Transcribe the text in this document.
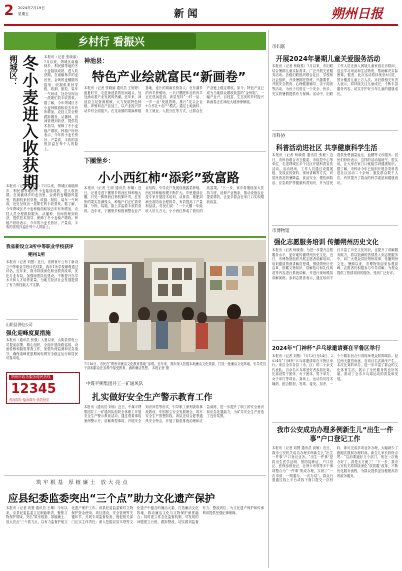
2 2024年7月19日
星期五	新 闻	朔州日报
乡村行 看振兴
朔城区： 冬小麦进入收获期 本报讯（记者 张晓丽）7月以来，朔城区南榆林乡、利民镇等地的冬小麦陆续成熟，进入收获期。在南榆林乡的麦田里，金黄的麦穗随风摇曳，收割机来回穿梭，收割、脱粒、装车一气呵成，处处呈现出一派繁忙的丰收景象。据了解，今年朔城区冬小麦种植面积较去年有所增加，农技人员全程跟踪服务，从播种、田间管理到收获，提供技术指导，保障了冬小麦稳产增收。种植户纷纷表示，今年的小麦长势好、产量高，丰收的喜悦洋溢在每个人的脸上。
本报讯（记者 张晓丽）7月以来，朔城区南榆林乡、利民镇等地的冬小麦陆续成熟，进入收获期。在南榆林乡的麦田里，金黄的麦穗随风摇曳，收割机来回穿梭，收割、脱粒、装车一气呵成，处处呈现出一派繁忙的丰收景象。据了解，今年朔城区冬小麦种植面积较去年有所增加，农技人员全程跟踪服务，从播种、田间管理到收获，提供技术指导，保障了冬小麦稳产增收。种植户纷纷表示，今年的小麦长势好、产量高，丰收的喜悦洋溢在每个人的脸上。
神池县：
特色产业绘就富民“新画卷”
本报讯（记者 张晓丽 通讯员 王婷婷）盛夏时节，走进神池县的田间地头，处处涌动着产业发展的热潮。近年来，神池县立足资源禀赋，大力发展特色种植、养殖和农产品加工，以产业振兴带动乡村全面振兴。在龙泉镇的胡麻种植基地，连片的胡麻长势喜人；在东湖乡的肉羊养殖场，一只只膘肥体壮的肉羊正在悠闲进食。该县坚持“一村一品、一乡一业”发展思路，推行“龙头企业+合作社+农户”模式，通过土地流转、务工就业、入股分红等方式，让群众在产业链上稳定增收。如今，特色产业已成为当地群众增收致富的“金钥匙”，一幅产业兴、百姓富、生态美的乡村振兴新画卷正在神池大地徐徐铺展。
下團堡乡：
小小西红柿“添彩”致富路
本报讯（记者 王丽 通讯员 李娜）近日，记者走进下團堡乡的西红柿种植大棚，只见一株株西红柿枝繁叶茂，红彤彤的果实挂满枝头，种植户们正忙着采摘、分拣、装箱，脸上洋溢着丰收的喜悦。近年来，下團堡乡积极调整农业产业结构，引导农户发展设施蔬菜种植，西红柿种植规模不断扩大。乡里邀请农技专家开展技术培训，从育苗、施肥到病虫害防治全程指导，有效提高了产量和品质。村民们说：“一个大棚一年能收入好几万元，小小西红柿成了我们的致富果。”下一步，该乡将继续加大扶持力度，延伸产业链条，推动设施农业提质增效，让更多群众在家门口实现增收致富。
我省新设立3所中等职业学校获评
朔州1所
本报讯（记者 刘慧）近日，省教育厅公布了新设立中等职业学校评估结果，我市1所学校顺利通过评估。近年来，我市持续深化职业教育改革，优化专业布局，加强师资队伍建设，不断提升办学水平和人才培养质量，为地方经济社会发展提供了有力的技能人才支撑。
山阴县供电公司
强化迎峰度夏措施
本报讯（通讯员 张强）入夏以来，山阴县供电公司提前部署、精心组织，全面开展线路巡视、设备检修和隐患排查工作，加强负荷监测和应急值守，确保迎峰度夏期间电网安全稳定运行和居民可靠用电。
朔州市政务服务便民热线
12345
有诉即办·接诉即办·高效回应
7月16日，市民在“朔州市廉洁文化教育基地”参观。近年来，我市深入挖掘本地廉洁文化资源，打造一批廉洁文化阵地，引导党员干部和群众在参观中接受教育、涵养廉洁思想。 本报记者 摄
中煤平朔集团井工一矿通风队
扎实做好安全生产警示教育工作
本报讯（通讯员 刘伟）近日，中煤平朔集团井工一矿通风队组织全体职工开展安全生产警示教育活动，通过观看事故案例警示片、讲解典型事故、开展安全知识问答等形式，引导职工深刻汲取事故教训，牢固树立安全发展理念，筑牢安全生产思想防线。该队还结合夏季通风安全特点，开展了隐患排查治理和应急演练，进一步提升了职工的安全意识和应急处置能力，为矿井安全生产营造了良好氛围。
筑牢根基 厚植廉土 放大亮点
应县纪委监委突出“三个点”助力文化遗产保护
本报讯（记者 刘慧 通讯员 王琳）今年以来，应县纪委监委立足职能职责，聚焦文物保护领域，突出“筑牢根基、厚植廉土、放大亮点”三个着力点，以有力监督护航文化遗产保护工作。该县纪委监委紧盯文物保护资金使用、项目建设、安全管理等关键环节，开展专项监督检查，督促相关部门压实主体责任；深入挖掘应县木塔等文化遗产中蕴含的廉洁元素，打造廉洁文化阵地，推动廉洁文化与文物保护深度融合；同时建立常态化监督机制，对发现的问题建立台账、跟踪整改，切实做到监督有力、整改到位，为文化遗产保护和传承利用提供坚强纪律保障。
市妇联
开展2024年暑期儿童关爱服务活动
本报讯（记者 杨晓燕）7月以来，市妇联结合暑期儿童实际需求，广泛开展关爱服务活动。各级妇联组织联合社区、学校和社会组织，开设暑期托管班、兴趣课堂，开展安全教育、心理健康辅导、亲子阅读等活动，为孩子们度过一个安全、快乐、充实的暑假提供有力保障。活动中，妇联工作人员还深入困境儿童家庭走访慰问，送去学习用品和生活物资，帮助解决实际困难。据悉，此次活动将持续至8月底，预计覆盖儿童上万人次。市妇联相关负责人表示，将持续关注儿童成长，不断丰富服务内容，切实守护好少年儿童的健康成长。
市科协
科普活动进社区 共享健康科学生活
本报讯（记者 杨晓燕 通讯员 张敏）近日，市科协联合市卫健委、市疾控中心等单位，走进朔城区多个社区开展科普宣传活动。活动现场，工作人员通过设置展板、发放宣传资料、现场讲解等方式，向居民普及防暑降温、食品安全、慢性病防治、应急救护等健康科普知识，并为居民提供免费测量血压、血糖等义诊服务。居民们纷纷表示，这样的活动接地气、很实用，让大家在家门口就能学到健康知识。据了解，市科协今年已组织开展各类科普进社区活动二十余场，惠及群众数千人次，有效提升了群众的科学素质和健康意识。
市博物馆
强化志愿服务培训 传播朔州历史文化
本报讯（记者 杨晓燕）为进一步提升志愿服务水平，更好地传播朔州历史文化，近日，市博物馆组织开展志愿者讲解培训。培训邀请资深讲解员授课，围绕朔州历史沿革、馆藏文物知识、讲解技巧和礼仪规范等内容进行系统讲解，并进行现场模拟讲解演练。参训志愿者表示，通过培训不仅丰富了历史文化知识，也提升了讲解服务能力，将以饱满的热情投入到志愿服务中，向广大观众讲好朔州故事、传播朔州文化。暑期以来，市博物馆迎来参观高峰，志愿者们积极参与引导讲解，为观众提供了热情周到的服务，受到广泛好评。
2024年“门神杯”乒乓球邀请赛在平鲁区举行
本报讯（记者 刘慧）7月13日至14日，2024年“门神杯”乒乓球邀请赛在平鲁区举行。来自全市各县（市、区）的二十余支代表队、百余名乒乓球爱好者参加比赛。比赛设男子团体、女子团体、男子单打、女子单打等项目。赛场上，运动员们技术娴熟、配合默契，发球、接发、扣杀，一个个精彩回合引得现场观众阵阵喝彩。经过两天激烈角逐，各项目名次最终产生。本次比赛的举办，进一步丰富了群众的文化体育生活，展示了全民健身的良好风貌，推动了全市乒乓球运动的普及和发展。
我市公安成功办理多例新生儿“出生一件事”户口登记工作
本报讯（记者 刘慧 通讯员 高敏）近日，我市公安机关成功办理多例新生儿“出生一件事”户口登记业务。“出生一件事”是将出生医学证明、预防接种证、户口登记、医保参保登记、社保卡申领等多个事项整合为“一件事”集成办理，实现了“一次申请、一网通办、一次办结”。群众只需通过线上平台或线下窗口提交一次材料，即可完成多项业务办理，大幅减少了跑腿次数和办理时间。新生儿家长纷纷点赞：“以前要跑好几个部门，现在一次就办好了，真是太方便了！”下一步，我市公安机关将持续深化“放管服”改革，不断优化服务流程，为群众提供更加便捷高效的政务服务。
